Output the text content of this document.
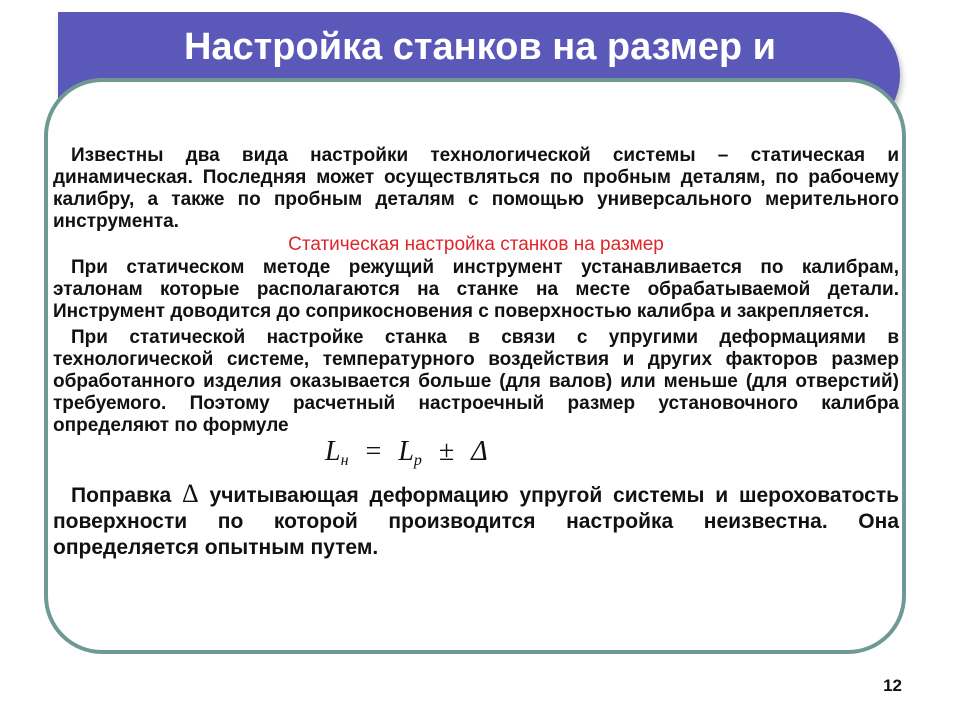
Настройка станков на размер и

Известны два вида настройки технологической системы – статическая и динамическая. Последняя может осуществляться по пробным деталям, по рабочему калибру, а также по пробным деталям с помощью универсального мерительного инструмента.

Статическая настройка станков на размер

При статическом методе режущий инструмент устанавливается по калибрам, эталонам которые располагаются на станке на месте обрабатываемой детали. Инструмент доводится до соприкосновения с поверхностью калибра и закрепляется.

При статической настройке станка в связи с упругими деформациями в технологической системе, температурного воздействия и других факторов размер обработанного изделия оказывается больше (для валов) или меньше (для отверстий) требуемого. Поэтому расчетный настроечный размер установочного калибра определяют по формуле

$L_н = L_р \pm \Delta$

Поправка Δ учитывающая деформацию упругой системы и шероховатость поверхности по которой производится настройка неизвестна. Она определяется опытным путем.

12
